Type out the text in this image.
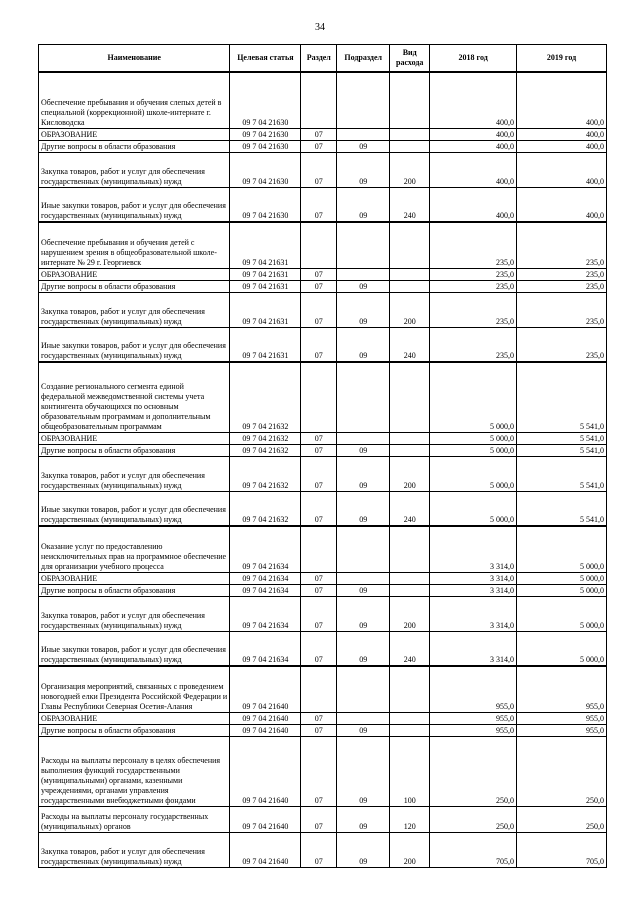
34
Наименование	Целевая статья	Раздел	Подраздел	Вид расхода	2018 год	2019 год
Обеспечение пребывания и обучения слепых детей в специальной (коррекционной) школе-интернате г. Кисловодска	09 7 04 21630				400,0	400,0
ОБРАЗОВАНИЕ	09 7 04 21630	07			400,0	400,0
Другие вопросы в области образования	09 7 04 21630	07	09		400,0	400,0
Закупка товаров, работ и услуг для обеспечения государственных (муниципальных) нужд	09 7 04 21630	07	09	200	400,0	400,0
Иные закупки товаров, работ и услуг для обеспечения государственных (муниципальных) нужд	09 7 04 21630	07	09	240	400,0	400,0
Обеспечение пребывания и обучения детей с нарушением зрения в общеобразовательной школе-интернате № 29 г. Георгиевск	09 7 04 21631				235,0	235,0
ОБРАЗОВАНИЕ	09 7 04 21631	07			235,0	235,0
Другие вопросы в области образования	09 7 04 21631	07	09		235,0	235,0
Закупка товаров, работ и услуг для обеспечения государственных (муниципальных) нужд	09 7 04 21631	07	09	200	235,0	235,0
Иные закупки товаров, работ и услуг для обеспечения государственных (муниципальных) нужд	09 7 04 21631	07	09	240	235,0	235,0
Создание регионального сегмента единой федеральной межведомственной системы учета контингента обучающихся по основным образовательным программам и дополнительным общеобразовательным программам	09 7 04 21632				5 000,0	5 541,0
ОБРАЗОВАНИЕ	09 7 04 21632	07			5 000,0	5 541,0
Другие вопросы в области образования	09 7 04 21632	07	09		5 000,0	5 541,0
Закупка товаров, работ и услуг для обеспечения государственных (муниципальных) нужд	09 7 04 21632	07	09	200	5 000,0	5 541,0
Иные закупки товаров, работ и услуг для обеспечения государственных (муниципальных) нужд	09 7 04 21632	07	09	240	5 000,0	5 541,0
Оказание услуг по предоставлению неисключительных прав на программное обеспечение для организации учебного процесса	09 7 04 21634				3 314,0	5 000,0
ОБРАЗОВАНИЕ	09 7 04 21634	07			3 314,0	5 000,0
Другие вопросы в области образования	09 7 04 21634	07	09		3 314,0	5 000,0
Закупка товаров, работ и услуг для обеспечения государственных (муниципальных) нужд	09 7 04 21634	07	09	200	3 314,0	5 000,0
Иные закупки товаров, работ и услуг для обеспечения государственных (муниципальных) нужд	09 7 04 21634	07	09	240	3 314,0	5 000,0
Организация мероприятий, связанных с проведением новогодней елки Президента Российской Федерации и Главы Республики Северная Осетия-Алания	09 7 04 21640				955,0	955,0
ОБРАЗОВАНИЕ	09 7 04 21640	07			955,0	955,0
Другие вопросы в области образования	09 7 04 21640	07	09		955,0	955,0
Расходы на выплаты персоналу в целях обеспечения выполнения функций государственными (муниципальными) органами, казенными учреждениями, органами управления государственными внебюджетными фондами	09 7 04 21640	07	09	100	250,0	250,0
Расходы на выплаты персоналу государственных (муниципальных) органов	09 7 04 21640	07	09	120	250,0	250,0
Закупка товаров, работ и услуг для обеспечения государственных (муниципальных) нужд	09 7 04 21640	07	09	200	705,0	705,0
